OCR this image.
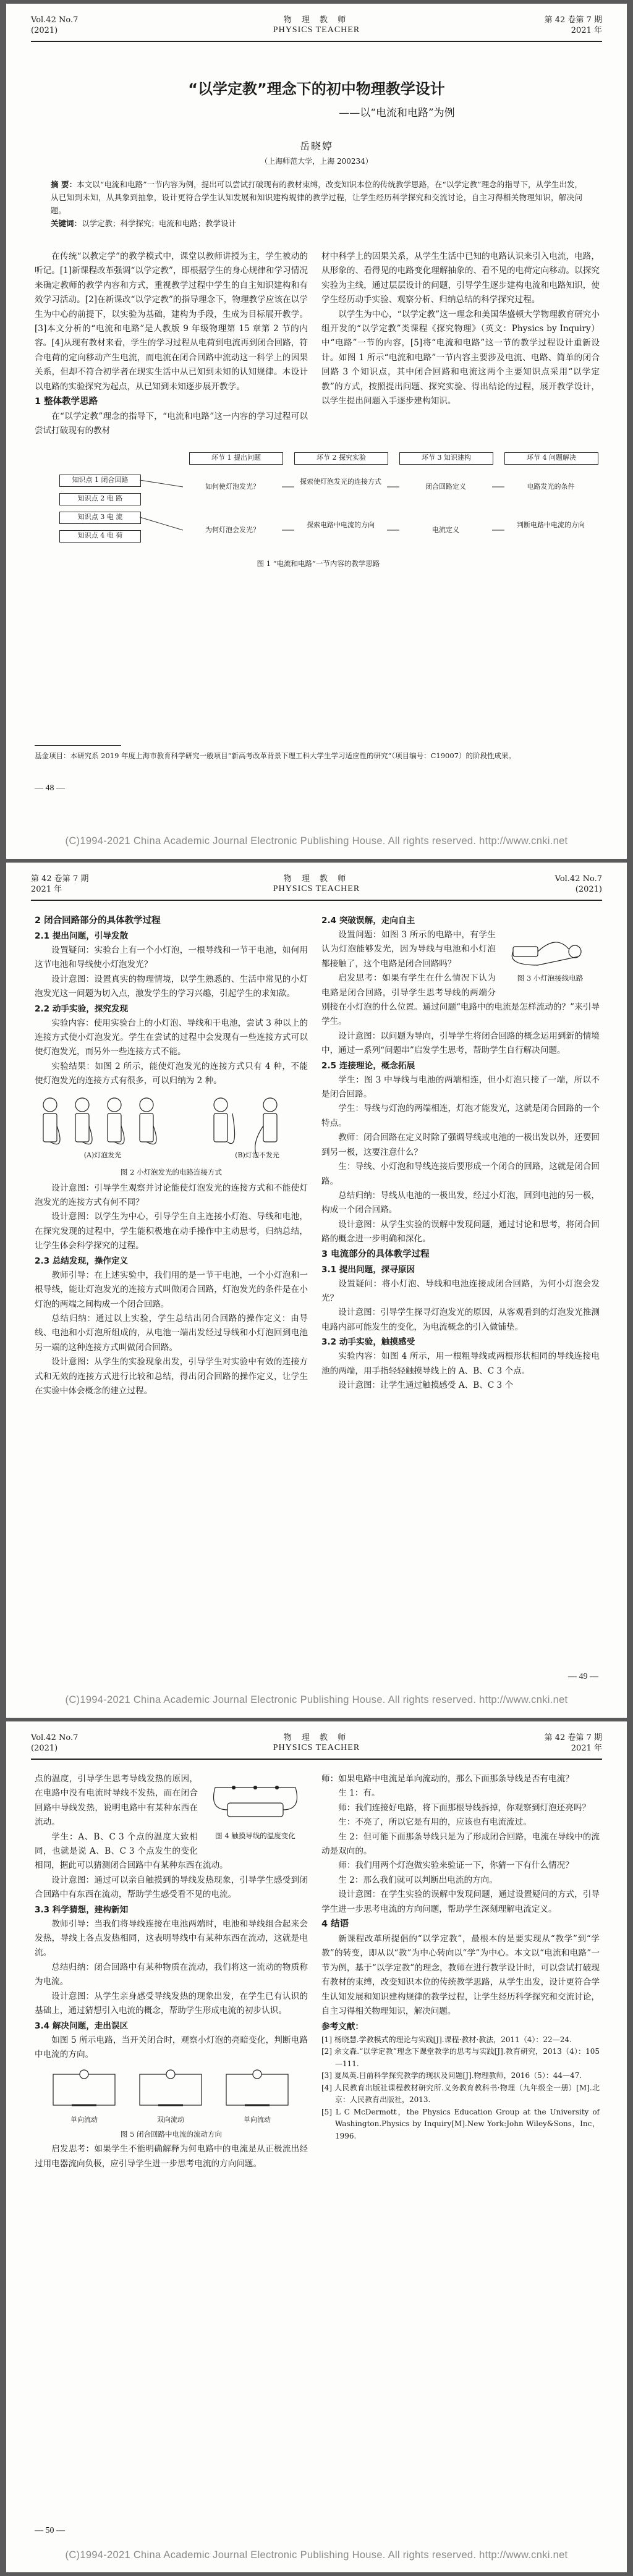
Vol.42 No.7
(2021)
物 理 教 师
PHYSICS TEACHER
第 42 卷第 7 期
2021 年
“以学定教”理念下的初中物理教学设计
——以“电流和电路”为例
岳晓婷
（上海师范大学，上海 200234）
摘 要：本文以“电流和电路”一节内容为例，提出可以尝试打破现有的教材束缚，改变知识本位的传统教学思路，在“以学定教”理念的指导下，从学生出发，从已知到未知，从具象到抽象，设计更符合学生认知发展和知识建构规律的教学过程，让学生经历科学探究和交流讨论，自主习得相关物理知识，解决问题。
关键词：以学定教；科学探究；电流和电路；教学设计

在传统“以教定学”的教学模式中，课堂以教师讲授为主，学生被动的听记。[1]新课程改革强调“以学定教”，即根据学生的身心规律和学习情况来确定教师的教学内容和方式，重视教学过程中学生的自主知识建构和有效学习活动。[2]在新课改“以学定教”的指导理念下，物理教学应该在以学生为中心的前提下，以实验为基础，建构为手段，生成为目标展开教学。[3]本文分析的“电流和电路”是人教版 9 年级物理第 15 章第 2 节的内容。[4]从现有教材来看，学生的学习过程从电荷到电流再到闭合回路，符合电荷的定向移动产生电流，而电流在闭合回路中流动这一科学上的因果关系，但却不符合初学者在现实生活中从已知到未知的认知规律。本设计以电路的实验探究为起点，从已知到未知逐步展开教学。

1 整体教学思路

在“以学定教”理念的指导下，“电流和电路”这一内容的学习过程可以尝试打破现有的教材

材中科学上的因果关系，从学生生活中已知的电路认识来引入电流，电路，从形象的、看得见的电路变化理解抽象的、看不见的电荷定向移动。以探究实验为主线，通过层层设计的问题，引导学生逐步建构电流和电路知识，使学生经历动手实验、观察分析、归纳总结的科学探究过程。

以学生为中心，“以学定教”这一理念和美国华盛顿大学物理教育研究小组开发的“以学定教”类课程《探究物理》（英文：Physics by Inquiry）中“电路”一节的内容，[5]将“电流和电路”这一节的教学过程设计重新设计。如图 1 所示“电流和电路”一节内容主要涉及电流、电路、简单的闭合回路 3 个知识点，其中闭合回路和电流这两个主要知识点采用“以学定教”的方式，按照提出问题、探究实验、得出结论的过程，展开教学设计，以学生提出问题入手逐步建构知识。

环节 1 提出问题	环节 2 探究实验	环节 3 知识建构	环节 4 问题解决
知识点 1 闭合回路
知识点 2 电 路
知识点 3 电 流
知识点 4 电 荷
如何使灯泡发光？
探索使灯泡发光的连接方式
闭合回路定义	电路发光的条件
为何灯泡会发光？
探索电路中电流的方向
电流定义
判断电路中电流的方向
图 1 “电流和电路”一节内容的教学思路
基金项目：本研究系 2019 年度上海市教育科学研究一般项目“新高考改革背景下理工科大学生学习适应性的研究”（项目编号：C19007）的阶段性成果。
— 48 —
(C)1994-2021 China Academic Journal Electronic Publishing House. All rights reserved. http://www.cnki.net
第 42 卷第 7 期
2021 年
物 理 教 师
PHYSICS TEACHER
Vol.42 No.7
(2021)
2 闭合回路部分的具体教学过程
2.1 提出问题，引导发散

设置疑问：实验台上有一个小灯泡，一根导线和一节干电池，如何用这节电池和导线使小灯泡发光？

设计意图：设置真实的物理情境，以学生熟悉的、生活中常见的小灯泡发光这一问题为切入点，激发学生的学习兴趣，引起学生的求知欲。

2.2 动手实验，探究发现

实验内容：使用实验台上的小灯泡、导线和干电池，尝试 3 种以上的连接方式使小灯泡发光。学生在尝试的过程中会发现有一些连接方式可以使灯泡发光，而另外一些连接方式不能。

实验结果：如图 2 所示，能使灯泡发光的连接方式只有 4 种，不能使灯泡发光的连接方式有很多，可以归纳为 2 种。

(A)灯泡发光	(B)灯泡不发光
图 2 小灯泡发光的电路连接方式

设计意图：引导学生观察并讨论能使灯泡发光的连接方式和不能使灯泡发光的连接方式有何不同？

设计意图：以学生为中心，引导学生自主连接小灯泡、导线和电池，在探究发现的过程中，学生能积极地在动手操作中主动思考，归纳总结，让学生体会科学探究的过程。

2.3 总结发现，操作定义

教师引导：在上述实验中，我们用的是一节干电池，一个小灯泡和一根导线，能让灯泡发光的连接方式叫做闭合回路，灯泡发光的条件是在小灯泡的两端之间构成一个闭合回路。

总结归纳：通过以上实验，学生总结出闭合回路的操作定义：由导线、电池和小灯泡所组成的，从电池一端出发经过导线和小灯泡回到电池另一端的这种连接方式叫做闭合回路。

设计意图：从学生的实验现象出发，引导学生对实验中有效的连接方式和无效的连接方式进行比较和总结，得出闭合回路的操作定义，让学生在实验中体会概念的建立过程。

2.4 突破误解，走向自主
图 3 小灯泡接线电路

设置问题：如图 3 所示的电路中，有学生认为灯泡能够发光，因为导线与电池和小灯泡都接触了，这个电路是闭合回路吗？

启发思考：如果有学生在什么情况下认为电路是闭合回路，引导学生思考导线的两端分别接在小灯泡的什么位置。通过问题“电路中的电流是怎样流动的？”来引导学生。

设计意图：以问题为导向，引导学生将闭合回路的概念运用到新的情境中，通过一系列“问题串”启发学生思考，帮助学生自行解决问题。

2.5 连接理论，概念拓展

学生：图 3 中导线与电池的两端相连，但小灯泡只接了一端，所以不是闭合回路。

学生：导线与灯泡的两端相连，灯泡才能发光，这就是闭合回路的一个特点。

教师：闭合回路在定义时除了强调导线或电池的一极出发以外，还要回到另一极，这要注意什么？

生：导线、小灯泡和导线连接后要形成一个闭合的回路，这就是闭合回路。

总结归纳：导线从电池的一极出发，经过小灯泡，回到电池的另一极，构成一个闭合回路。

设计意图：从学生实验的误解中发现问题，通过讨论和思考，将闭合回路的概念进一步明确和深化。

3 电流部分的具体教学过程
3.1 提出问题，探寻原因

设置疑问：将小灯泡、导线和电池连接成闭合回路，为何小灯泡会发光？

设计意图：引导学生探寻灯泡发光的原因，从客观看到的灯泡发光推测电路内部可能发生的变化，为电流概念的引入做铺垫。

3.2 动手实验，触摸感受

实验内容：如图 4 所示，用一根粗导线或两根形状相同的导线连接电池的两端，用手指轻轻触摸导线上的 A、B、C 3 个点。

设计意图：让学生通过触摸感受 A、B、C 3 个

— 49 —
(C)1994-2021 China Academic Journal Electronic Publishing House. All rights reserved. http://www.cnki.net
Vol.42 No.7
(2021)
物 理 教 师
PHYSICS TEACHER
第 42 卷第 7 期
2021 年
图 4 触摸导线的温度变化

点的温度，引导学生思考导线发热的原因，在电路中没有电流时导线不发热，而在闭合回路中导线发热，说明电路中有某种东西在流动。

学生：A、B、C 3 个点的温度大致相同，也就是说 A、B、C 3 个点发生的变化相同，据此可以猜测闭合回路中有某种东西在流动。

设计意图：通过可以亲自触摸到的导线发热现象，引导学生感受到闭合回路中有东西在流动，帮助学生感受看不见的电流。

3.3 科学猜想，建构新知

教师引导：当我们将导线连接在电池两端时，电池和导线组合起来会发热，导线上各点发热相同，这表明导线中有某种东西在流动，这就是电流。

总结归纳：闭合回路中有某种物质在流动，我们将这一流动的物质称为电流。

设计意图：从学生亲身感受导线发热的现象出发，在学生已有认识的基础上，通过猜想引入电流的概念，帮助学生形成电流的初步认识。

3.4 解决问题，走出误区

如图 5 所示电路，当开关闭合时，观察小灯泡的亮暗变化，判断电路中电流的方向。

单向流动	双向流动	单向流动
图 5 闭合回路中电流的流动方向

启发思考：如果学生不能明确解释为何电路中的电流是从正极流出经过用电器流向负极，应引导学生进一步思考电流的方向问题。

师：如果电路中电流是单向流动的，那么下面那条导线是否有电流？

生 1：有。

师：我们连接好电路，将下面那根导线拆掉，你观察到灯泡还亮吗？

生：不亮了，所以它是有用的，应该也有电流流过。

生 2：但可能下面那条导线只是为了形成闭合回路，电流在导线中的流动是双向的。

师：我们用两个灯泡做实验来验证一下，你猜一下有什么情况？

生 2：那么我们就可以判断出电流的方向。

设计意图：在学生实验的误解中发现问题，通过设置疑问的方式，引导学生进一步思考电流的方向问题，帮助学生深刻理解电流定义。

4 结语

新课程改革所提倡的“以学定教”，最根本的是要实现从“教学”到“学教”的转变，即从以“教”为中心转向以“学”为中心。本文以“电流和电路”一节为例，基于“以学定教”的理念，教师在进行教学设计时，可以尝试打破现有教材的束缚，改变知识本位的传统教学思路，从学生出发，设计更符合学生认知发展和知识建构规律的教学过程，让学生经历科学探究和交流讨论，自主习得相关物理知识，解决问题。

参考文献：
[1] 杨晓慧.学教模式的理论与实践[J].课程·教材·教法，2011（4）：22—24.
[2] 余文森.“以学定教”理念下课堂教学的思考与实践[J].教育研究，2013（4）：105—111.
[3] 夏凤英.目前科学探究教学的现状及问题[J].物理教师，2016（5）：44—47.
[4] 人民教育出版社课程教材研究所.义务教育教科书·物理（九年级全一册）[M].北京：人民教育出版社，2013.
[5] L C McDermott，the Physics Education Group at the University of Washington.Physics by Inquiry[M].New York:John Wiley&Sons，Inc，1996.
— 50 —
(C)1994-2021 China Academic Journal Electronic Publishing House. All rights reserved. http://www.cnki.net
